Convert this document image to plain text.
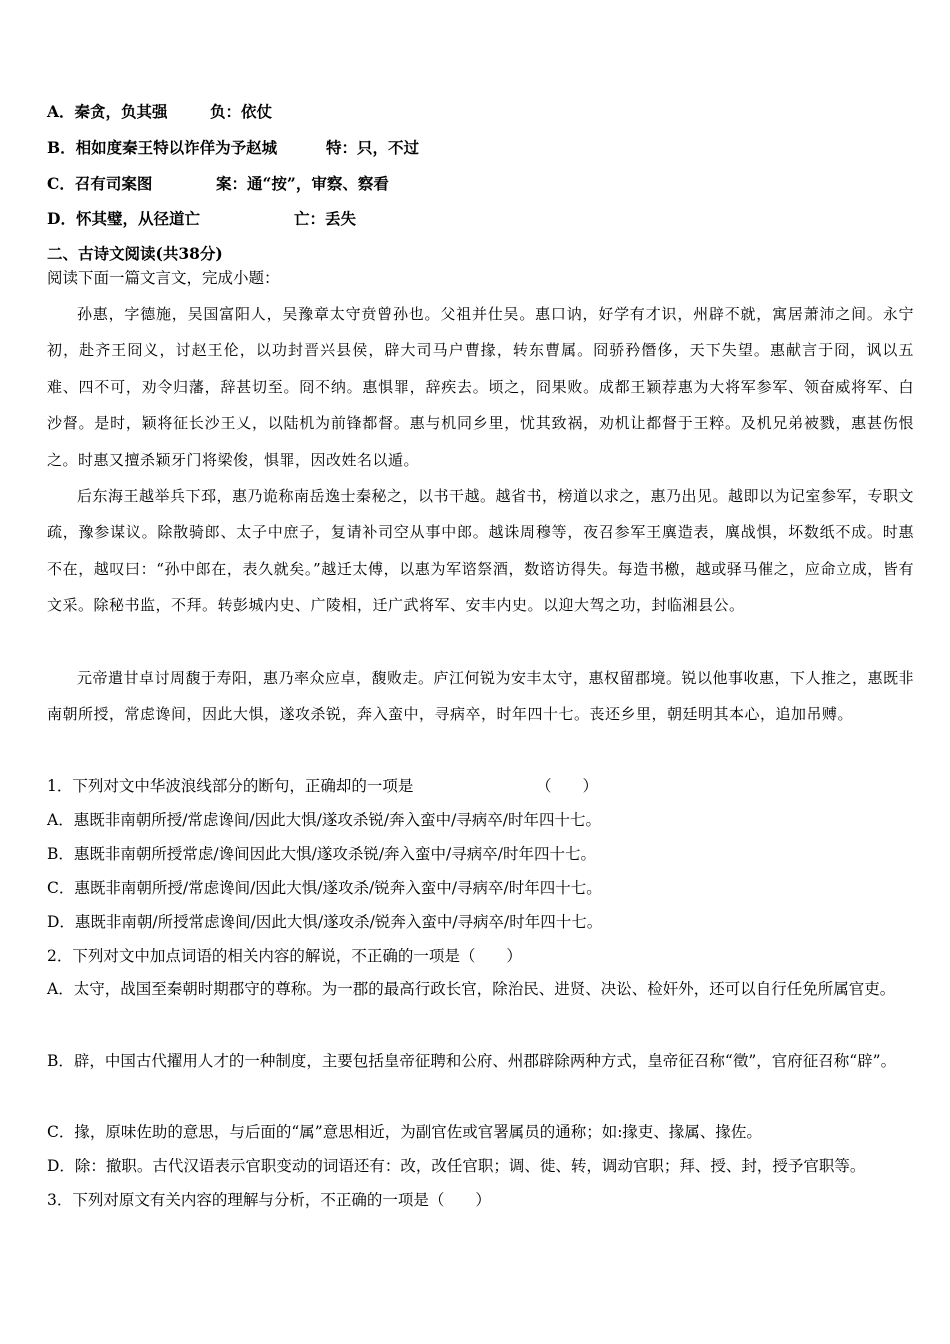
A．秦贪，负其强	负：依仗
B．相如度秦王特以诈佯为予赵城	特：只，不过
C．召有司案图	案：通“按”，审察、察看
D．怀其璧，从径道亡	亡：丢失
二、古诗文阅读(共38分)
阅读下面一篇文言文，完成小题：
孙惠，字德施，吴国富阳人，吴豫章太守贲曾孙也。父祖并仕吴。惠口讷，好学有才识，州辟不就，寓居萧沛之间。永宁初，赴齐王冏义，讨赵王伦，以功封晋兴县侯，辟大司马户曹掾，转东曹属。冏骄矜僭侈，天下失望。惠献言于冏，讽以五难、四不可，劝令归藩，辞甚切至。冏不纳。惠惧罪，辞疾去。顷之，冏果败。成都王颖荐惠为大将军参军、领奋威将军、白沙督。是时，颖将征长沙王乂，以陆机为前锋都督。惠与机同乡里，忧其致祸，劝机让都督于王粹。及机兄弟被戮，惠甚伤恨之。时惠又擅杀颖牙门将梁俊，惧罪，因改姓名以遁。
后东海王越举兵下邳，惠乃诡称南岳逸士秦秘之，以书干越。越省书，榜道以求之，惠乃出见。越即以为记室参军，专职文疏，豫参谋议。除散骑郎、太子中庶子，复请补司空从事中郎。越诛周穆等，夜召参军王廙造表，廙战惧，坏数纸不成。时惠不在，越叹曰：“孙中郎在，表久就矣。”越迁太傅，以惠为军谘祭酒，数谘访得失。每造书檄，越或驿马催之，应命立成，皆有文采。除秘书监，不拜。转彭城内史、广陵相，迁广武将军、安丰内史。以迎大驾之功，封临湘县公。
元帝遣甘卓讨周馥于寿阳，惠乃率众应卓，馥败走。庐江何锐为安丰太守，惠权留郡境。锐以他事收惠，下人推之，惠既非南朝所授，常虑谗间，因此大惧，遂攻杀锐，奔入蛮中，寻病卒，时年四十七。丧还乡里，朝廷明其本心，追加吊赙。
1．下列对文中华波浪线部分的断句，正确却的一项是	（　　）
A．惠既非南朝所授/常虑谗间/因此大惧/遂攻杀锐/奔入蛮中/寻病卒/时年四十七。
B．惠既非南朝所授常虑/谗间因此大惧/遂攻杀锐/奔入蛮中/寻病卒/时年四十七。
C．惠既非南朝所授/常虑谗间/因此大惧/遂攻杀/锐奔入蛮中/寻病卒/时年四十七。
D．惠既非南朝/所授常虑谗间/因此大惧/遂攻杀/锐奔入蛮中/寻病卒/时年四十七。
2．下列对文中加点词语的相关内容的解说，不正确的一项是（　　）
A．太守，战国至秦朝时期郡守的尊称。为一郡的最高行政长官，除治民、进贤、决讼、检奸外，还可以自行任免所属官吏。
B．辟，中国古代擢用人才的一种制度，主要包括皇帝征聘和公府、州郡辟除两种方式，皇帝征召称“徵”，官府征召称“辟”。
C．掾，原味佐助的意思，与后面的“属”意思相近，为副官佐或官署属员的通称；如:掾吏、掾属、掾佐。
D．除：撤职。古代汉语表示官职变动的词语还有：改，改任官职；调、徙、转，调动官职；拜、授、封，授予官职等。
3．下列对原文有关内容的理解与分析，不正确的一项是（　　）
